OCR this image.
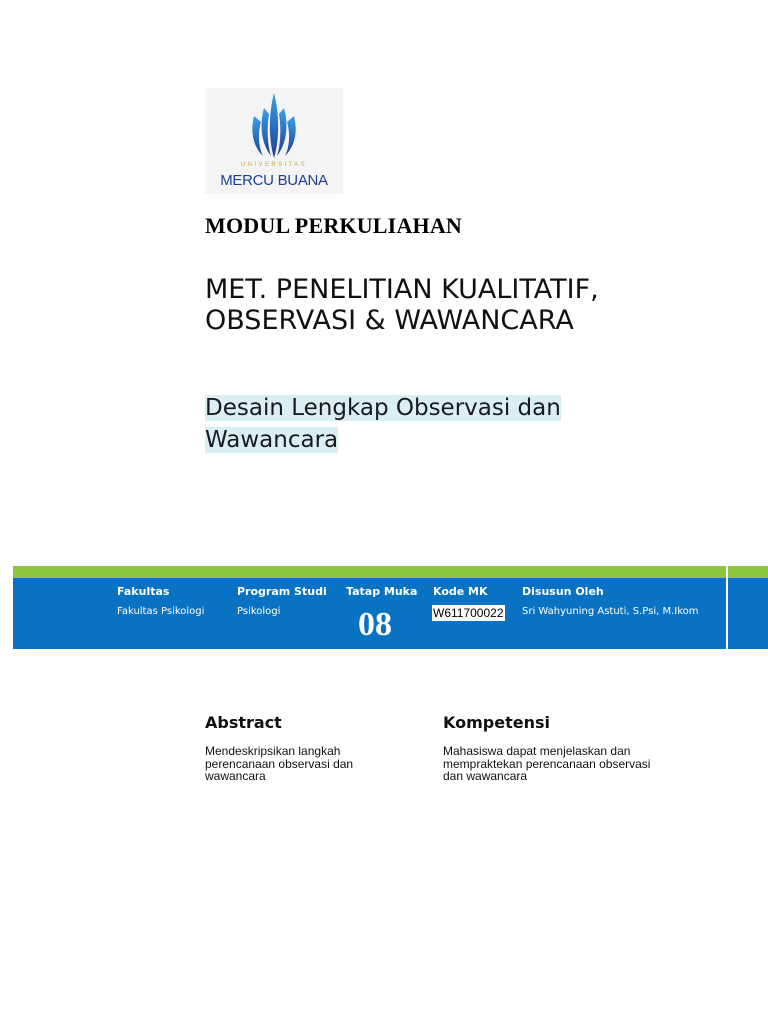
UNIVERSITAS
MERCU BUANA
MODUL PERKULIAHAN
MET. PENELITIAN KUALITATIF,
OBSERVASI & WAWANCARA
Desain Lengkap Observasi dan
Wawancara
Fakultas
Fakultas Psikologi
Program Studi
Psikologi
Tatap Muka
08
Kode MK
W611700022
Disusun Oleh
Sri Wahyuning Astuti, S.Psi, M.Ikom
Abstract
Mendeskripsikan langkah
perencanaan observasi dan
wawancara
Kompetensi
Mahasiswa dapat menjelaskan dan
mempraktekan perencanaan observasi
dan wawancara
